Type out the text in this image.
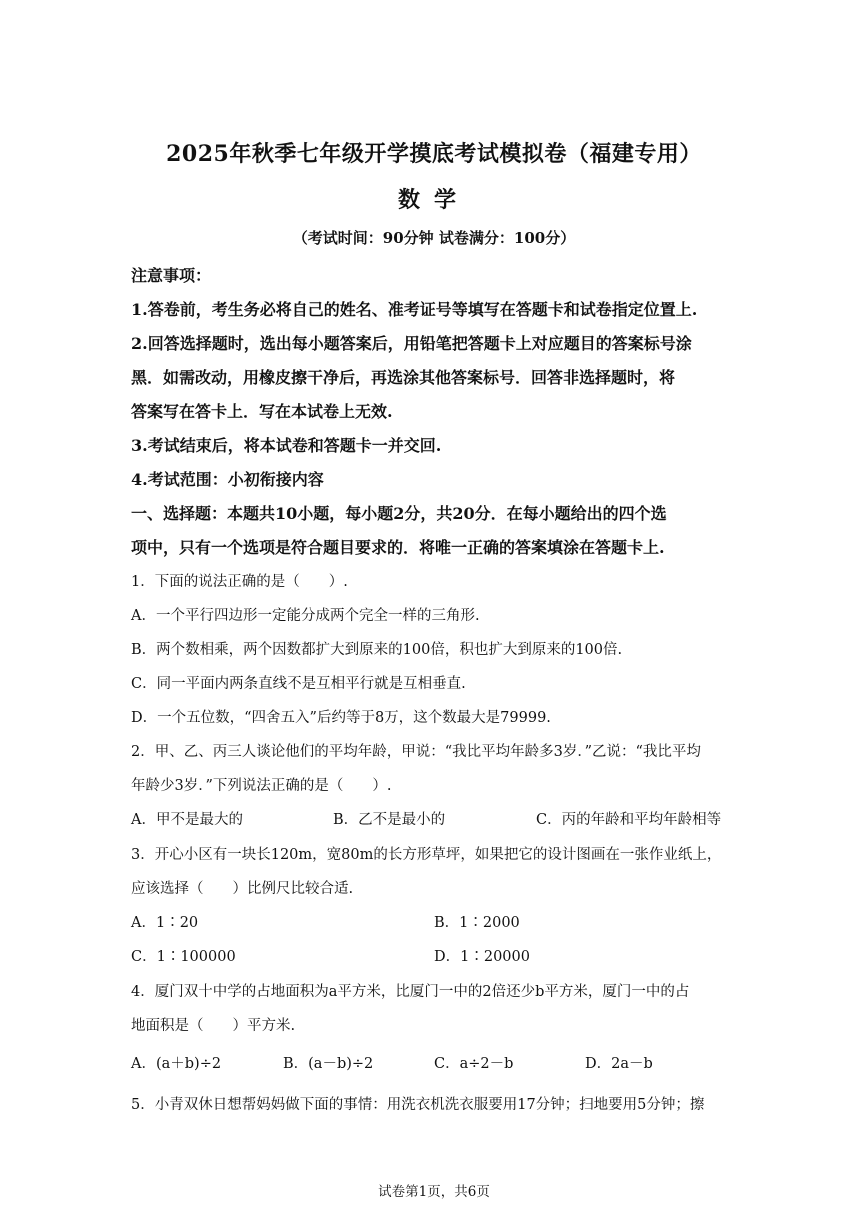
2025年秋季七年级开学摸底考试模拟卷（福建专用）
数学
（考试时间：90分钟 试卷满分：100分）
注意事项：
1.答卷前，考生务必将自己的姓名、准考证号等填写在答题卡和试卷指定位置上.
2.回答选择题时，选出每小题答案后，用铅笔把答题卡上对应题目的答案标号涂
黑．如需改动，用橡皮擦干净后，再选涂其他答案标号．回答非选择题时，将
答案写在答卡上．写在本试卷上无效.
3.考试结束后，将本试卷和答题卡一并交回.
4.考试范围：小初衔接内容
一、选择题：本题共10小题，每小题2分，共20分．在每小题给出的四个选
项中，只有一个选项是符合题目要求的．将唯一正确的答案填涂在答题卡上.
1．下面的说法正确的是（　　）.
A．一个平行四边形一定能分成两个完全一样的三角形.
B．两个数相乘，两个因数都扩大到原来的100倍，积也扩大到原来的100倍.
C．同一平面内两条直线不是互相平行就是互相垂直.
D．一个五位数，“四舍五入”后约等于8万，这个数最大是79999.
2．甲、乙、丙三人谈论他们的平均年龄，甲说：“我比平均年龄多3岁．”乙说：“我比平均
年龄少3岁．”下列说法正确的是（　　）.
A．甲不是最大的	B．乙不是最小的	C．丙的年龄和平均年龄相等
3．开心小区有一块长120m，宽80m的长方形草坪，如果把它的设计图画在一张作业纸上，
应该选择（　　）比例尺比较合适.
A．1∶20	B．1∶2000
C．1∶100000	D．1∶20000
4．厦门双十中学的占地面积为a平方米，比厦门一中的2倍还少b平方米，厦门一中的占
地面积是（　　）平方米.
A．(a＋b)÷2	B．(a－b)÷2	C．a÷2－b	D．2a－b
5．小青双休日想帮妈妈做下面的事情：用洗衣机洗衣服要用17分钟；扫地要用5分钟；擦
试卷第1页，共6页
